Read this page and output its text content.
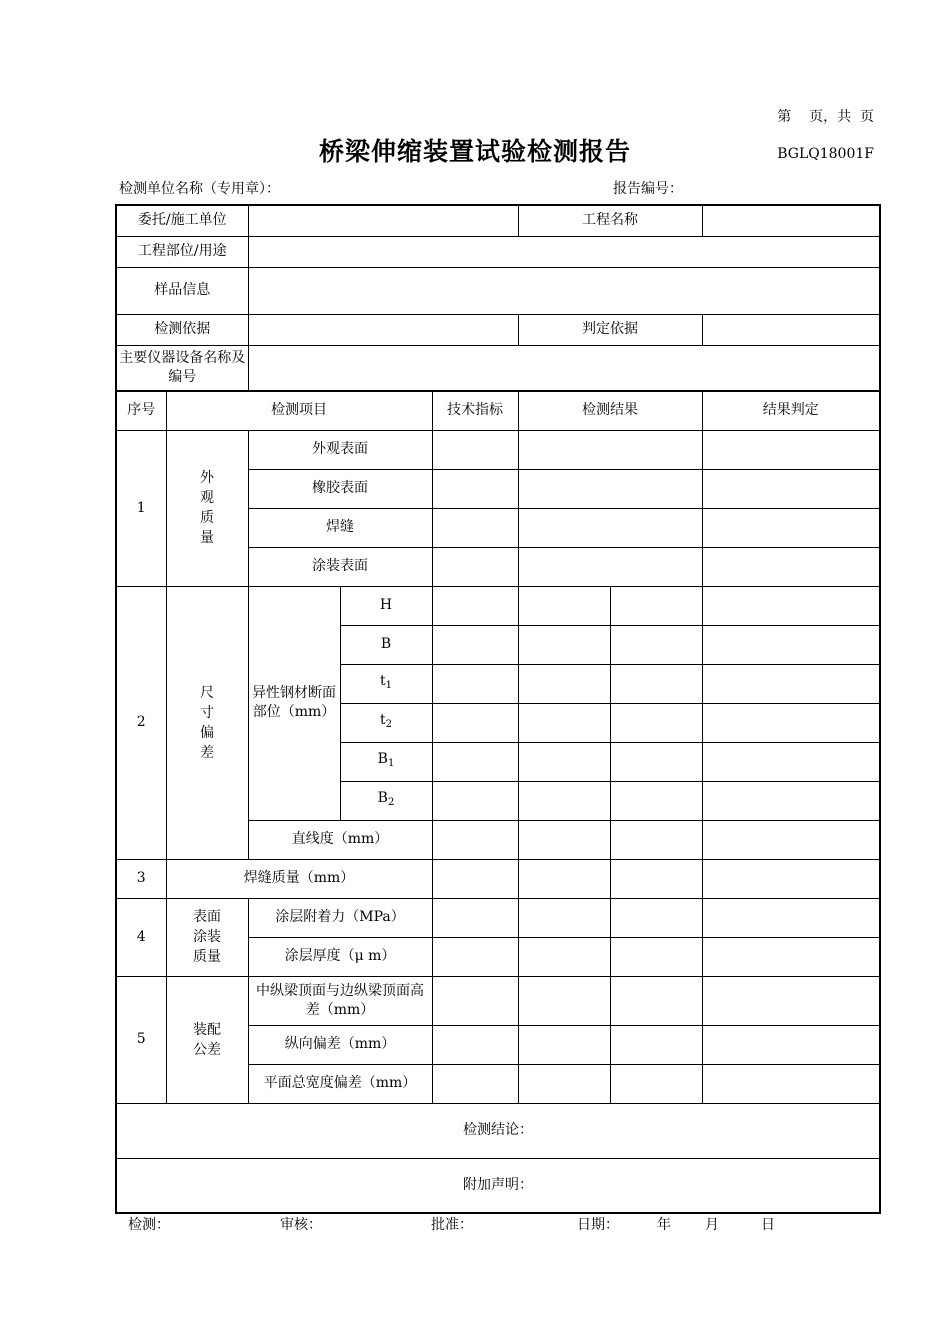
第    页，共  页
桥梁伸缩装置试验检测报告	BGLQ18001F
检测单位名称（专用章）：	报告编号：
委托/施工单位					工程名称		
工程部位/用途							
样品信息							
检测依据					判定依据		
主要仪器设备名称及编号							
序号	检测项目			技术指标	检测结果		结果判定
1	外观质量	外观表面					
		橡胶表面					
		焊缝					
		涂装表面					
2	尺寸偏差	异性钢材断面部位（mm）	H				
			B				
			$t_1$				
			$t_2$				
			$B_1$				
			$B_2$				
		直线度（mm）					
3	焊缝质量（mm）						
4	表面涂装质量	涂层附着力（MPa）					
		涂层厚度（μ m）					
5	装配公差	中纵梁顶面与边纵梁顶面高差（mm）					
		纵向偏差（mm）					
		平面总宽度偏差（mm）					
检测结论：							
附加声明：							
检测：	审核：	批准：	日期：	年 月	日
